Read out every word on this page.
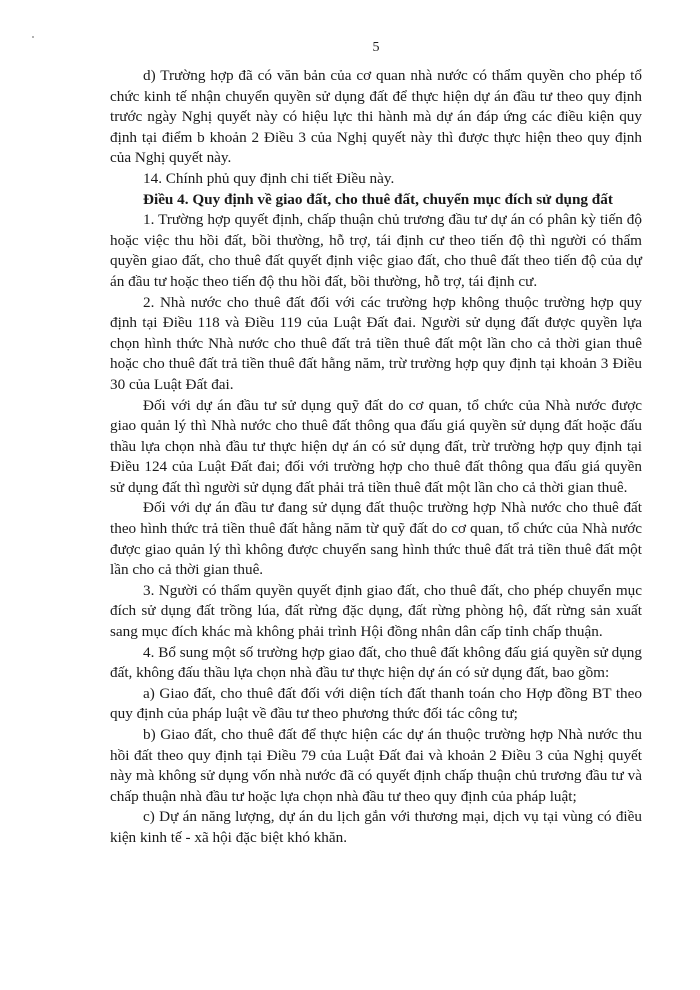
5

d) Trường hợp đã có văn bản của cơ quan nhà nước có thẩm quyền cho phép tổ chức kinh tế nhận chuyển quyền sử dụng đất để thực hiện dự án đầu tư theo quy định trước ngày Nghị quyết này có hiệu lực thi hành mà dự án đáp ứng các điều kiện quy định tại điểm b khoản 2 Điều 3 của Nghị quyết này thì được thực hiện theo quy định của Nghị quyết này.

14. Chính phủ quy định chi tiết Điều này.

Điều 4. Quy định về giao đất, cho thuê đất, chuyển mục đích sử dụng đất

1. Trường hợp quyết định, chấp thuận chủ trương đầu tư dự án có phân kỳ tiến độ hoặc việc thu hồi đất, bồi thường, hỗ trợ, tái định cư theo tiến độ thì người có thẩm quyền giao đất, cho thuê đất quyết định việc giao đất, cho thuê đất theo tiến độ của dự án đầu tư hoặc theo tiến độ thu hồi đất, bồi thường, hỗ trợ, tái định cư.

2. Nhà nước cho thuê đất đối với các trường hợp không thuộc trường hợp quy định tại Điều 118 và Điều 119 của Luật Đất đai. Người sử dụng đất được quyền lựa chọn hình thức Nhà nước cho thuê đất trả tiền thuê đất một lần cho cả thời gian thuê hoặc cho thuê đất trả tiền thuê đất hằng năm, trừ trường hợp quy định tại khoản 3 Điều 30 của Luật Đất đai.

Đối với dự án đầu tư sử dụng quỹ đất do cơ quan, tổ chức của Nhà nước được giao quản lý thì Nhà nước cho thuê đất thông qua đấu giá quyền sử dụng đất hoặc đấu thầu lựa chọn nhà đầu tư thực hiện dự án có sử dụng đất, trừ trường hợp quy định tại Điều 124 của Luật Đất đai; đối với trường hợp cho thuê đất thông qua đấu giá quyền sử dụng đất thì người sử dụng đất phải trả tiền thuê đất một lần cho cả thời gian thuê.

Đối với dự án đầu tư đang sử dụng đất thuộc trường hợp Nhà nước cho thuê đất theo hình thức trả tiền thuê đất hằng năm từ quỹ đất do cơ quan, tổ chức của Nhà nước được giao quản lý thì không được chuyển sang hình thức thuê đất trả tiền thuê đất một lần cho cả thời gian thuê.

3. Người có thẩm quyền quyết định giao đất, cho thuê đất, cho phép chuyển mục đích sử dụng đất trồng lúa, đất rừng đặc dụng, đất rừng phòng hộ, đất rừng sản xuất sang mục đích khác mà không phải trình Hội đồng nhân dân cấp tỉnh chấp thuận.

4. Bổ sung một số trường hợp giao đất, cho thuê đất không đấu giá quyền sử dụng đất, không đấu thầu lựa chọn nhà đầu tư thực hiện dự án có sử dụng đất, bao gồm:

a) Giao đất, cho thuê đất đối với diện tích đất thanh toán cho Hợp đồng BT theo quy định của pháp luật về đầu tư theo phương thức đối tác công tư;

b) Giao đất, cho thuê đất để thực hiện các dự án thuộc trường hợp Nhà nước thu hồi đất theo quy định tại Điều 79 của Luật Đất đai và khoản 2 Điều 3 của Nghị quyết này mà không sử dụng vốn nhà nước đã có quyết định chấp thuận chủ trương đầu tư và chấp thuận nhà đầu tư hoặc lựa chọn nhà đầu tư theo quy định của pháp luật;

c) Dự án năng lượng, dự án du lịch gắn với thương mại, dịch vụ tại vùng có điều kiện kinh tế - xã hội đặc biệt khó khăn.
